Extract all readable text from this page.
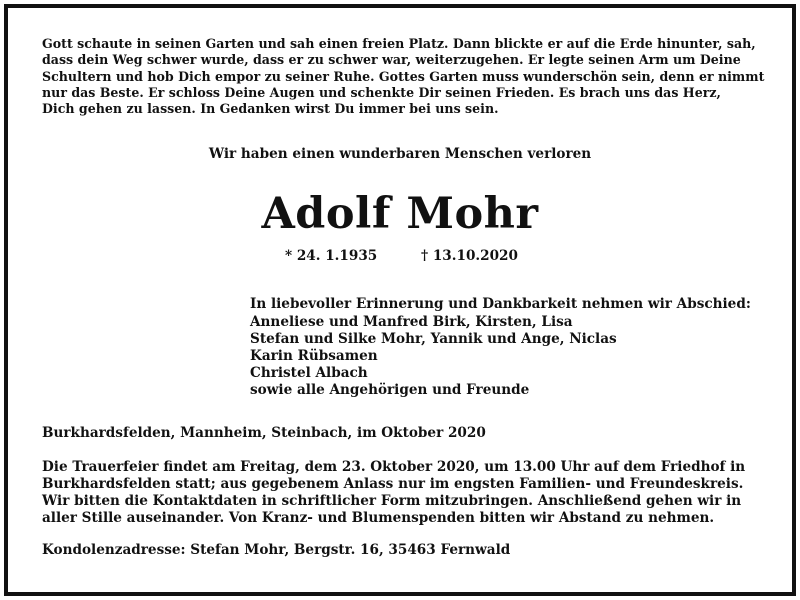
Gott schaute in seinen Garten und sah einen freien Platz. Dann blickte er auf die Erde hinunter, sah,
dass dein Weg schwer wurde, dass er zu schwer war, weiterzugehen. Er legte seinen Arm um Deine
Schultern und hob Dich empor zu seiner Ruhe. Gottes Garten muss wunderschön sein, denn er nimmt
nur das Beste. Er schloss Deine Augen und schenkte Dir seinen Frieden. Es brach uns das Herz,
Dich gehen zu lassen. In Gedanken wirst Du immer bei uns sein.
Wir haben einen wunderbaren Menschen verloren
Adolf Mohr
* 24. 1.1935	† 13.10.2020
In liebevoller Erinnerung und Dankbarkeit nehmen wir Abschied:
Anneliese und Manfred Birk, Kirsten, Lisa
Stefan und Silke Mohr, Yannik und Ange, Niclas
Karin Rübsamen
Christel Albach
sowie alle Angehörigen und Freunde
Burkhardsfelden, Mannheim, Steinbach, im Oktober 2020
Die Trauerfeier findet am Freitag, dem 23. Oktober 2020, um 13.00 Uhr auf dem Friedhof in
Burkhardsfelden statt; aus gegebenem Anlass nur im engsten Familien- und Freundeskreis.
Wir bitten die Kontaktdaten in schriftlicher Form mitzubringen. Anschließend gehen wir in
aller Stille auseinander. Von Kranz- und Blumenspenden bitten wir Abstand zu nehmen.
Kondolenzadresse: Stefan Mohr, Bergstr. 16, 35463 Fernwald
